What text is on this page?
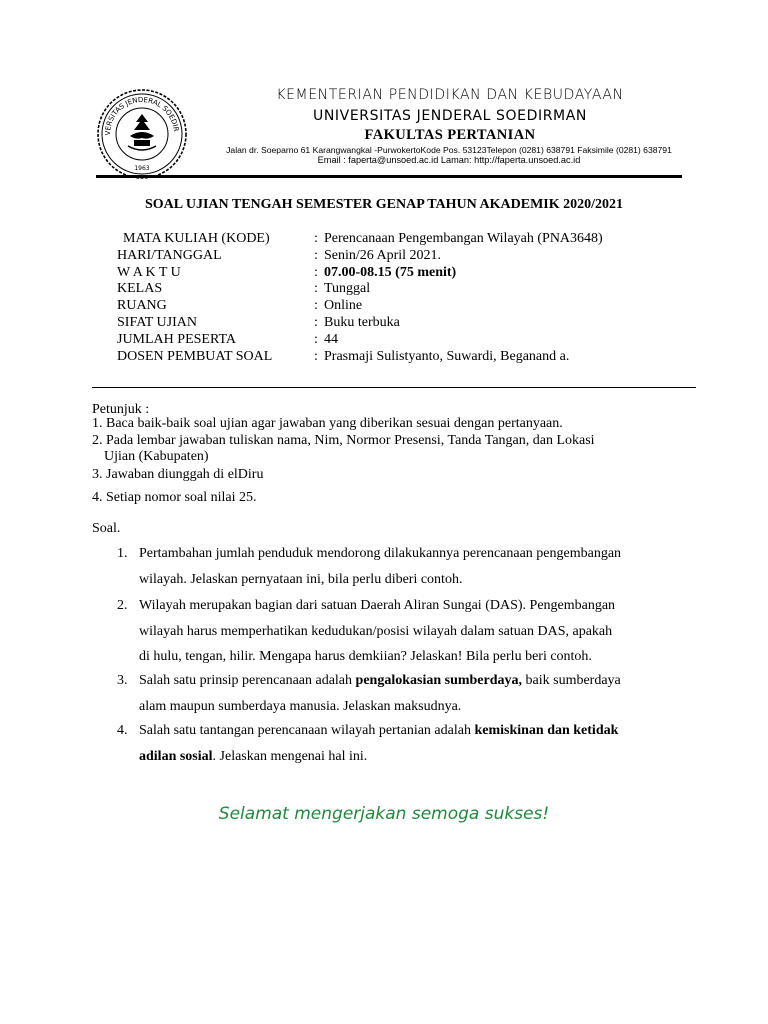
VERSITAS JENDERAL SOEDIR
1963
KEMENTERIAN PENDIDIKAN DAN KEBUDAYAAN
UNIVERSITAS JENDERAL SOEDIRMAN
FAKULTAS PERTANIAN
Jalan dr. Soeparno 61 Karangwangkal -PurwokertoKode Pos. 53123Telepon (0281) 638791 Faksimile (0281) 638791
Email : faperta@unsoed.ac.id Laman: http://faperta.unsoed.ac.id
SOAL UJIAN TENGAH SEMESTER GENAP TAHUN AKADEMIK 2020/2021
MATA KULIAH (KODE)	: Perencanaan Pengembangan Wilayah (PNA3648)
HARI/TANGGAL	: Senin/26 April 2021.
W A K T U	: 07.00-08.15 (75 menit)
KELAS	: Tunggal
RUANG	: Online
SIFAT UJIAN	: Buku terbuka
JUMLAH PESERTA	: 44
DOSEN PEMBUAT SOAL	: Prasmaji Sulistyanto, Suwardi, Beganand a.
Petunjuk :
1. Baca baik-baik soal ujian agar jawaban yang diberikan sesuai dengan pertanyaan.
2. Pada lembar jawaban tuliskan nama, Nim, Normor Presensi, Tanda Tangan, dan Lokasi
Ujian (Kabupaten)
3. Jawaban diunggah di elDiru
4. Setiap nomor soal nilai 25.
Soal.
1. Pertambahan jumlah penduduk mendorong dilakukannya perencanaan pengembangan
wilayah. Jelaskan pernyataan ini, bila perlu diberi contoh.
2. Wilayah merupakan bagian dari satuan Daerah Aliran Sungai (DAS). Pengembangan
wilayah harus memperhatikan kedudukan/posisi wilayah dalam satuan DAS, apakah
di hulu, tengan, hilir. Mengapa harus demkiian? Jelaskan! Bila perlu beri contoh.
3. Salah satu prinsip perencanaan adalah pengalokasian sumberdaya, baik sumberdaya
alam maupun sumberdaya manusia. Jelaskan maksudnya.
4. Salah satu tantangan perencanaan wilayah pertanian adalah kemiskinan dan ketidak
adilan sosial. Jelaskan mengenai hal ini.
Selamat mengerjakan semoga sukses!
